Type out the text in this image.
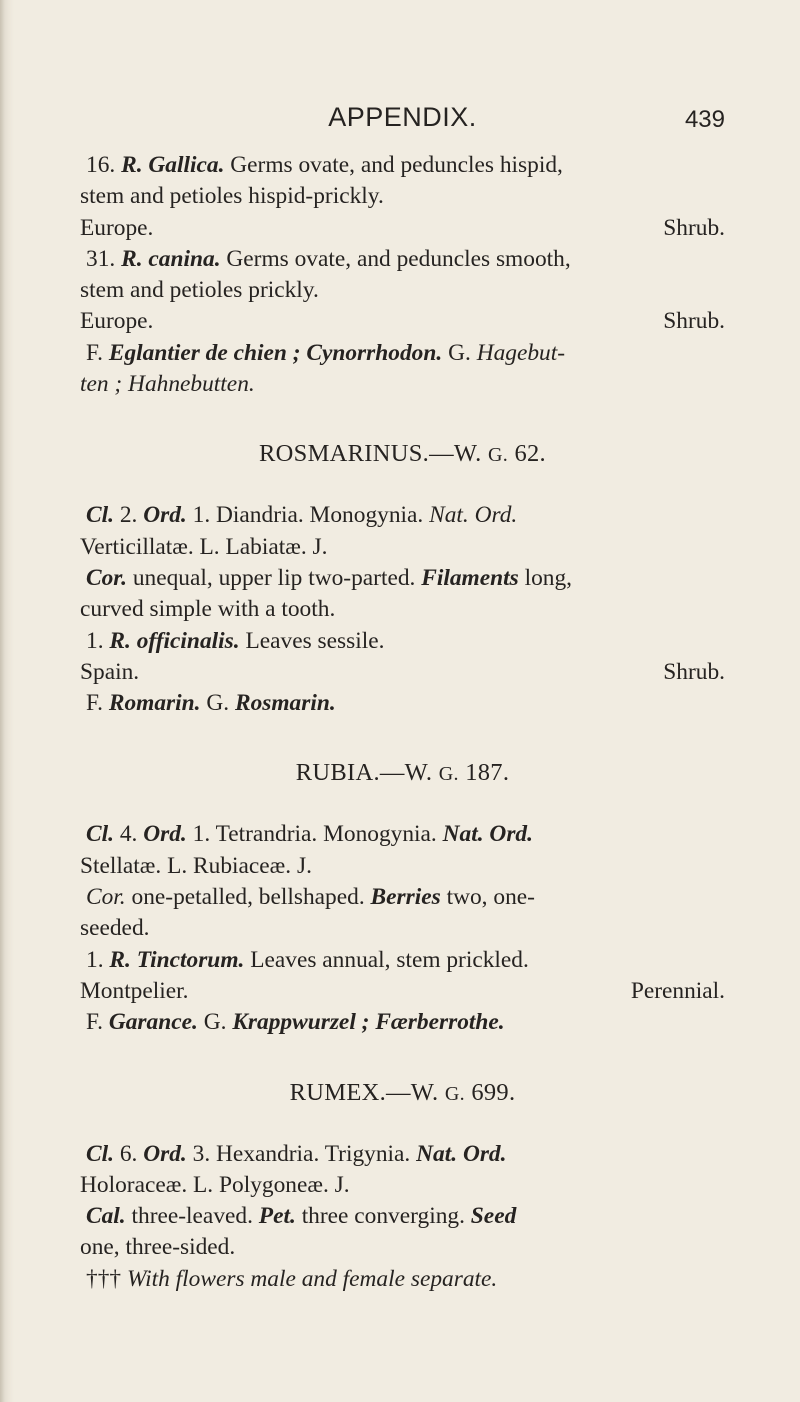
APPENDIX.	439
16. R. Gallica. Germs ovate, and peduncles hispid,
stem and petioles hispid-prickly.
Europe.	Shrub.
31. R. canina. Germs ovate, and peduncles smooth,
stem and petioles prickly.
Europe.	Shrub.
F. Eglantier de chien ; Cynorrhodon. G. Hagebut-
ten ; Hahnebutten.
ROSMARINUS.—W. G. 62.
Cl. 2. Ord. 1. Diandria. Monogynia. Nat. Ord.
Verticillatæ. L. Labiatæ. J.
Cor. unequal, upper lip two-parted. Filaments long,
curved simple with a tooth.
1. R. officinalis. Leaves sessile.
Spain.	Shrub.
F. Romarin. G. Rosmarin.
RUBIA.—W. G. 187.
Cl. 4. Ord. 1. Tetrandria. Monogynia. Nat. Ord.
Stellatæ. L. Rubiaceæ. J.
Cor. one-petalled, bellshaped. Berries two, one-
seeded.
1. R. Tinctorum. Leaves annual, stem prickled.
Montpelier.	Perennial.
F. Garance. G. Krappwurzel ; Færberrothe.
RUMEX.—W. G. 699.
Cl. 6. Ord. 3. Hexandria. Trigynia. Nat. Ord.
Holoraceæ. L. Polygoneæ. J.
Cal. three-leaved. Pet. three converging. Seed
one, three-sided.
††† With flowers male and female separate.
